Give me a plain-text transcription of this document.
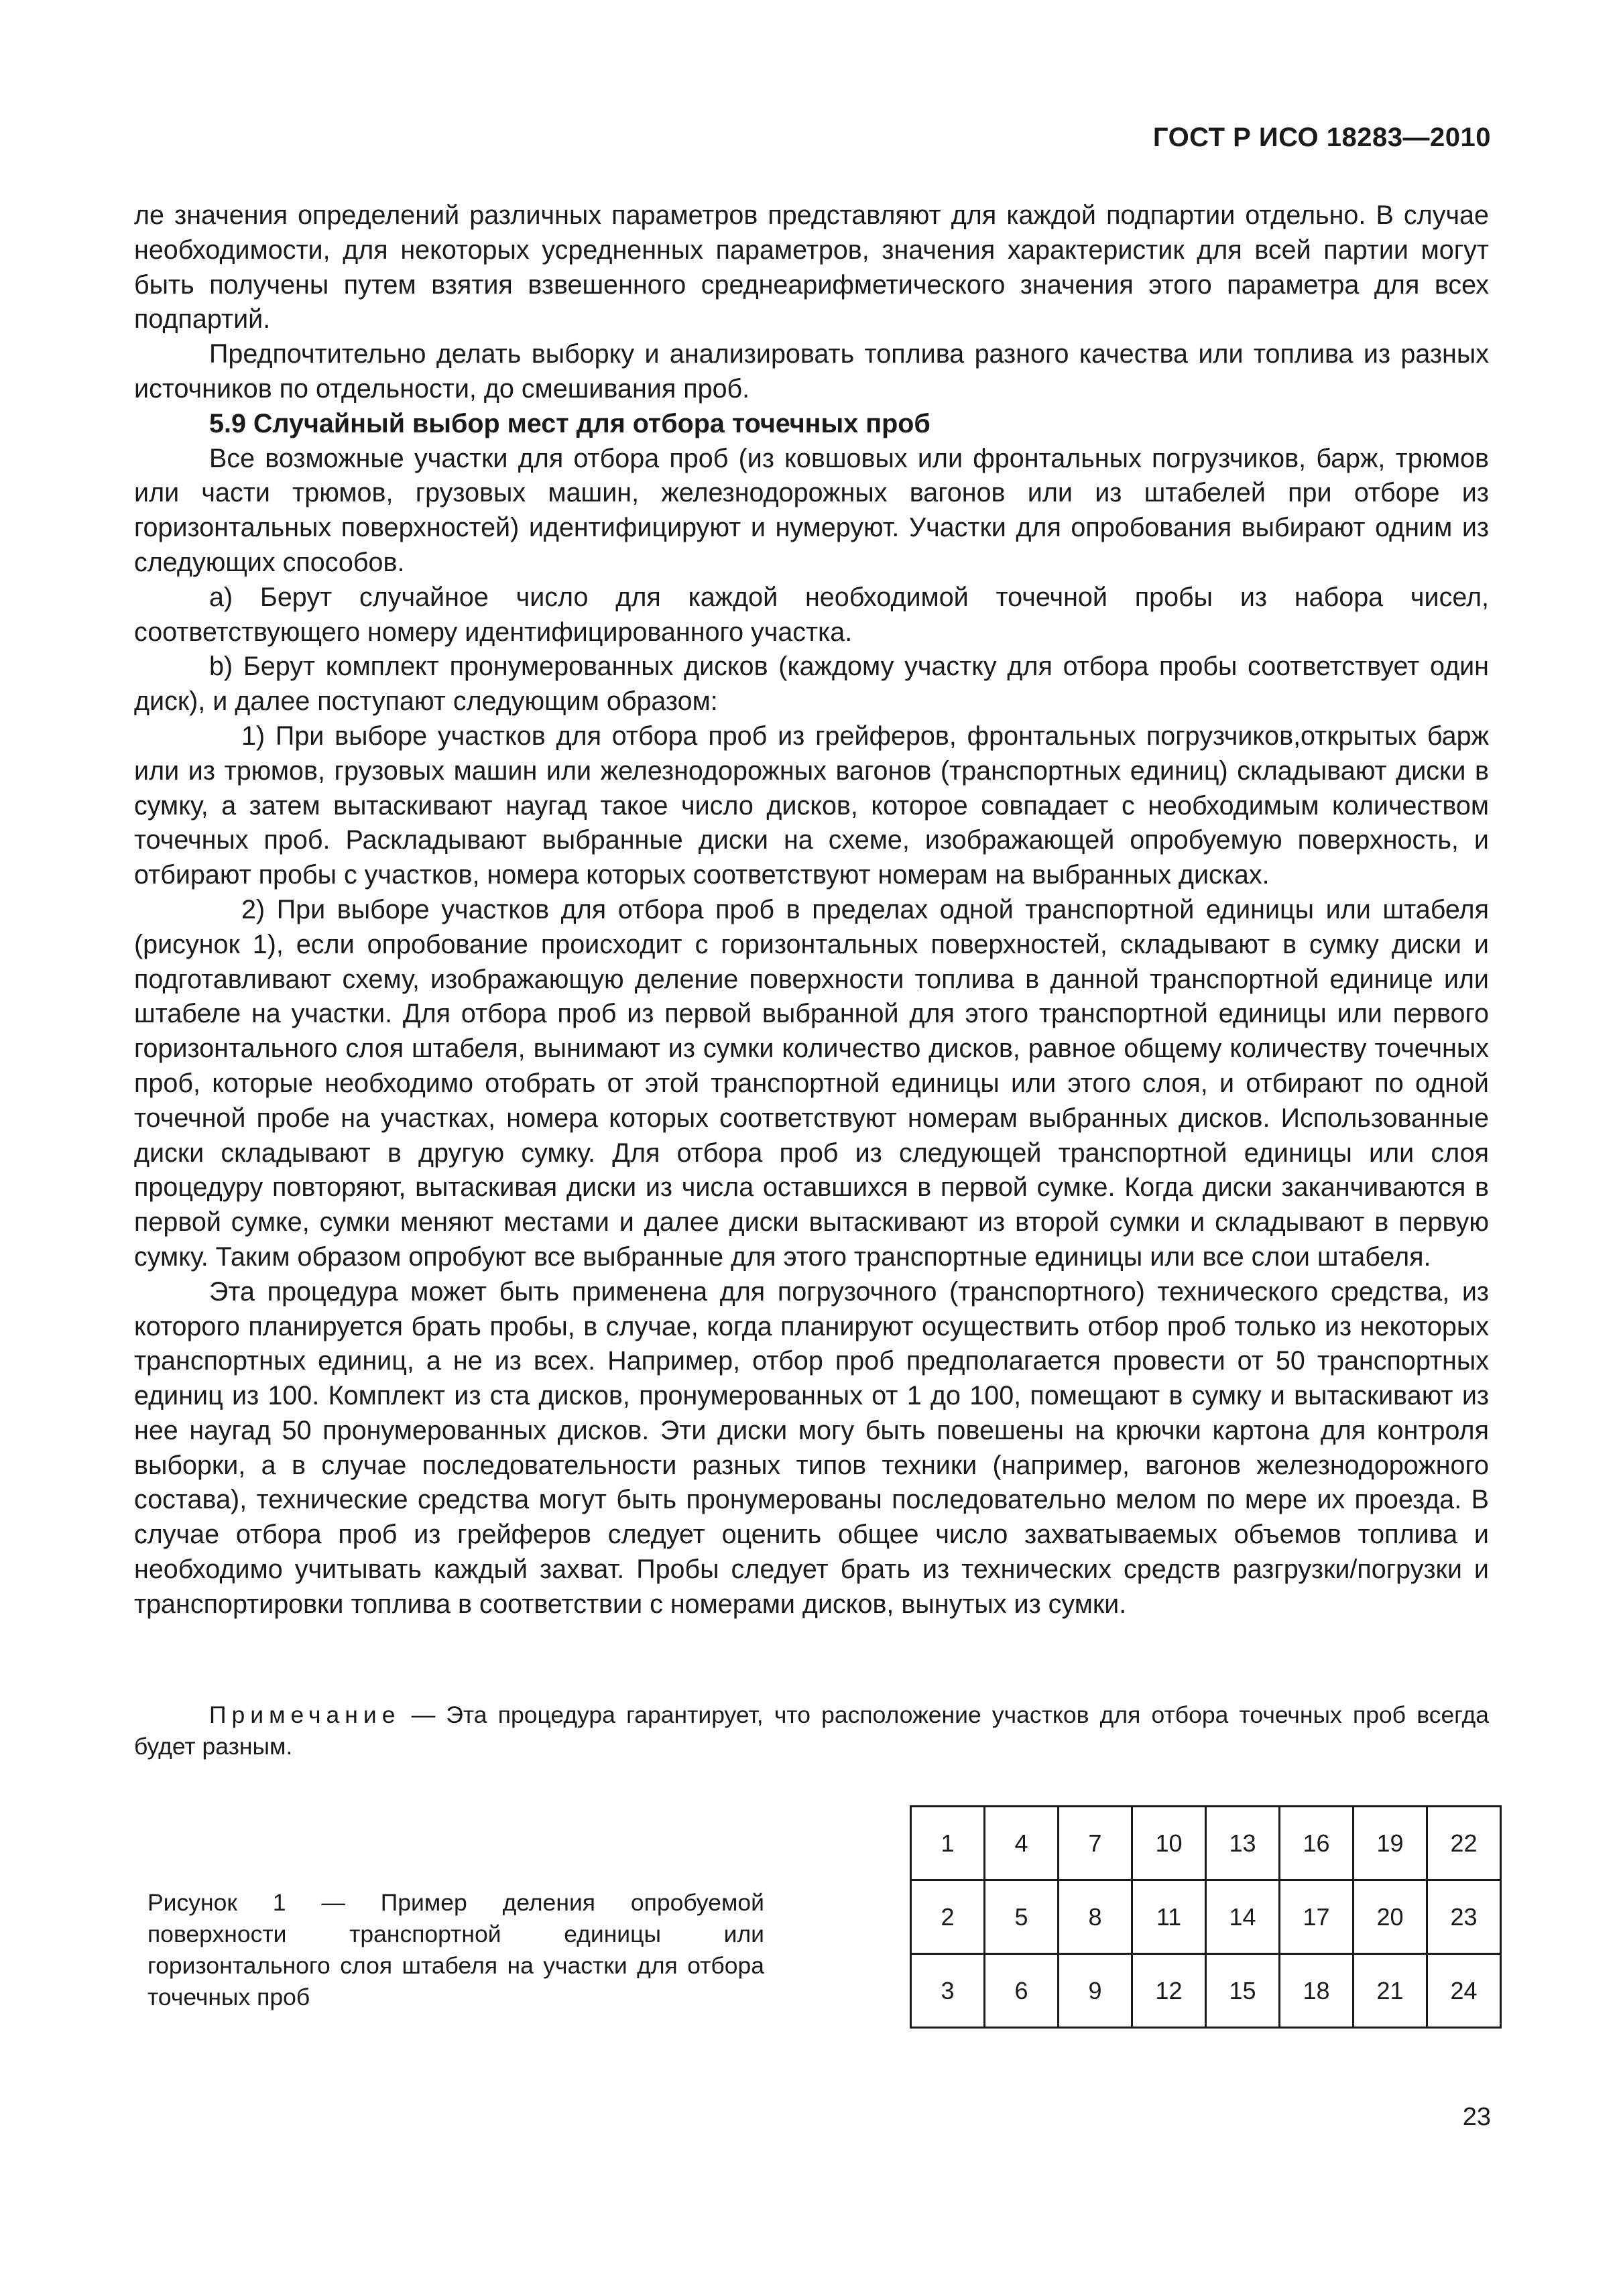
ГОСТ Р ИСО 18283—2010

ле значения определений различных параметров представляют для каждой подпартии отдельно. В случае необходимости, для некоторых усредненных параметров, значения характеристик для всей партии могут быть получены путем взятия взвешенного среднеарифметического значения этого параметра для всех подпартий.

Предпочтительно делать выборку и анализировать топлива разного качества или топлива из разных источников по отдельности, до смешивания проб.

5.9 Случайный выбор мест для отбора точечных проб

Все возможные участки для отбора проб (из ковшовых или фронтальных погрузчиков, барж, трюмов или части трюмов, грузовых машин, железнодорожных вагонов или из штабелей при отборе из горизонтальных поверхностей) идентифицируют и нумеруют. Участки для опробования выбирают одним из следующих способов.

а) Берут случайное число для каждой необходимой точечной пробы из набора чисел, соответствующего номеру идентифицированного участка.

b) Берут комплект пронумерованных дисков (каждому участку для отбора пробы соответствует один диск), и далее поступают следующим образом:

1) При выборе участков для отбора проб из грейферов, фронтальных погрузчиков,открытых барж или из трюмов, грузовых машин или железнодорожных вагонов (транспортных единиц) складывают диски в сумку, а затем вытаскивают наугад такое число дисков, которое совпадает с необходимым количеством точечных проб. Раскладывают выбранные диски на схеме, изображающей опробуемую поверхность, и отбирают пробы с участков, номера которых соответствуют номерам на выбранных дисках.

2) При выборе участков для отбора проб в пределах одной транспортной единицы или штабеля (рисунок 1), если опробование происходит с горизонтальных поверхностей, складывают в сумку диски и подготавливают схему, изображающую деление поверхности топлива в данной транспортной единице или штабеле на участки. Для отбора проб из первой выбранной для этого транспортной единицы или первого горизонтального слоя штабеля, вынимают из сумки количество дисков, равное общему количеству точечных проб, которые необходимо отобрать от этой транспортной единицы или этого слоя, и отбирают по одной точечной пробе на участках, номера которых соответствуют номерам выбранных дисков. Использованные диски складывают в другую сумку. Для отбора проб из следующей транспортной единицы или слоя процедуру повторяют, вытаскивая диски из числа оставшихся в первой сумке. Когда диски заканчиваются в первой сумке, сумки меняют местами и далее диски вытаскивают из второй сумки и складывают в первую сумку. Таким образом опробуют все выбранные для этого транспортные единицы или все слои штабеля.

Эта процедура может быть применена для погрузочного (транспортного) технического средства, из которого планируется брать пробы, в случае, когда планируют осуществить отбор проб только из некоторых транспортных единиц, а не из всех. Например, отбор проб предполагается провести от 50 транспортных единиц из 100. Комплект из ста дисков, пронумерованных от 1 до 100, помещают в сумку и вытаскивают из нее наугад 50 пронумерованных дисков. Эти диски могу быть повешены на крючки картона для контроля выборки, а в случае последовательности разных типов техники (например, вагонов железнодорожного состава), технические средства могут быть пронумерованы последовательно мелом по мере их проезда. В случае отбора проб из грейферов следует оценить общее число захватываемых объемов топлива и необходимо учитывать каждый захват. Пробы следует брать из технических средств разгрузки/погрузки и транспортировки топлива в соответствии с номерами дисков, вынутых из сумки.

Примечание — Эта процедура гарантирует, что расположение участков для отбора точечных проб всегда будет разным.
Рисунок 1 — Пример деления опробуемой поверхности транспортной единицы или горизонтального слоя штабеля на участки для отбора точечных проб
1	4	7	10	13	16	19	22
2	5	8	11	14	17	20	23
3	6	9	12	15	18	21	24
23
